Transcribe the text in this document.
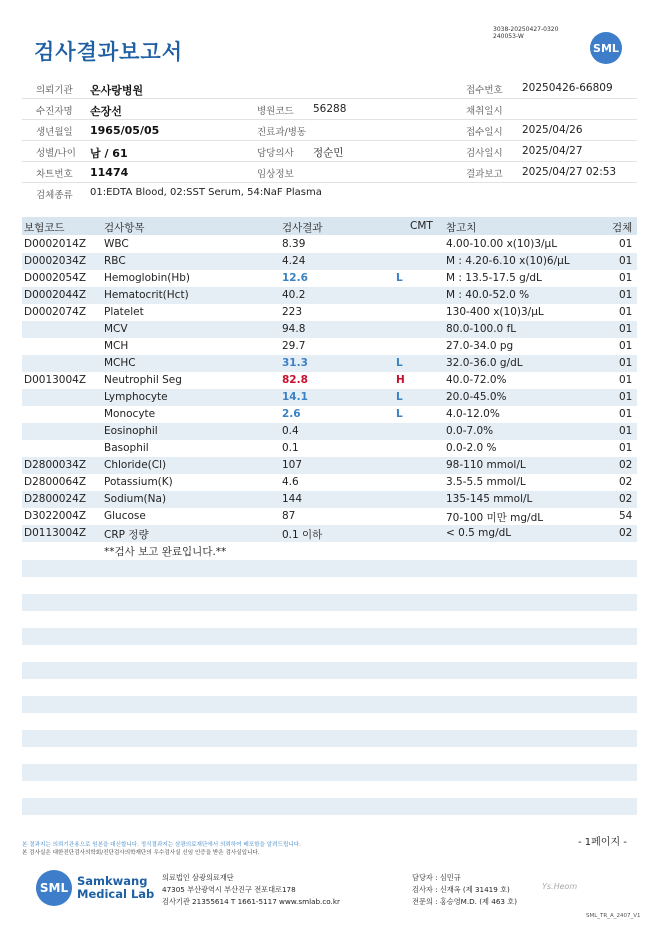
검사결과보고서
3038-20250427-0320
240053-W
SML
의뢰기관 온사랑병원	접수번호 20250426-66809
수진자명 손장선	병원코드 56288	채취일시
생년월일 1965/05/05	진료과/병동	접수일시 2025/04/26
성별/나이 남 / 61	담당의사 정순민	검사일시 2025/04/27
차트번호 11474	임상정보	결과보고 2025/04/27 02:53
검체종류 01:EDTA Blood, 02:SST Serum, 54:NaF Plasma
보험코드	검사항목	검사결과	CMT 참고치	검체
D0002014Z WBC	8.39	4.00-10.00 x(10)3/μL	01
D0002034Z RBC	4.24	M : 4.20-6.10 x(10)6/μL	01
D0002054Z Hemoglobin(Hb)	12.6	L	M : 13.5-17.5 g/dL	01
D0002044Z Hematocrit(Hct)	40.2	M : 40.0-52.0 %	01
D0002074Z Platelet	223	130-400 x(10)3/μL	01
MCV	94.8	80.0-100.0 fL	01
MCH	29.7	27.0-34.0 pg	01
MCHC	31.3	L	32.0-36.0 g/dL	01
D0013004Z Neutrophil Seg	82.8	H	40.0-72.0%	01
Lymphocyte	14.1	L	20.0-45.0%	01
Monocyte	2.6	L	4.0-12.0%	01
Eosinophil	0.4	0.0-7.0%	01
Basophil	0.1	0.0-2.0 %	01
D2800034Z Chloride(Cl)	107	98-110 mmol/L	02
D2800064Z Potassium(K)	4.6	3.5-5.5 mmol/L	02
D2800024Z Sodium(Na)	144	135-145 mmol/L	02
D3022004Z Glucose	87	70-100 미만 mg/dL	54
D0113004Z CRP 정량	0.1 이하	< 0.5 mg/dL	02
**검사 보고 완료입니다.**
- 1페이지 -
본 결과지는 의뢰기관용으로 원본을 대신합니다. 정식결과지는 삼광의료재단에서 의뢰하여 배포함을 알려드립니다.
본 검사실은 대한진단검사의학회/진단검사의학재단의 우수검사실 신임 인증을 받은 검사실입니다.
SML Samkwang
Medical Lab
의료법인 삼광의료재단
47305 부산광역시 부산진구 전포대로178
검사기관 21355614 T 1661-5117 www.smlab.co.kr
담당자 : 심민규
검사자 : 신재옥 (제 31419 호)
전문의 : 홍승영M.D. (제 463 호)
Ys.Heom
SML_TR_A_2407_V1
